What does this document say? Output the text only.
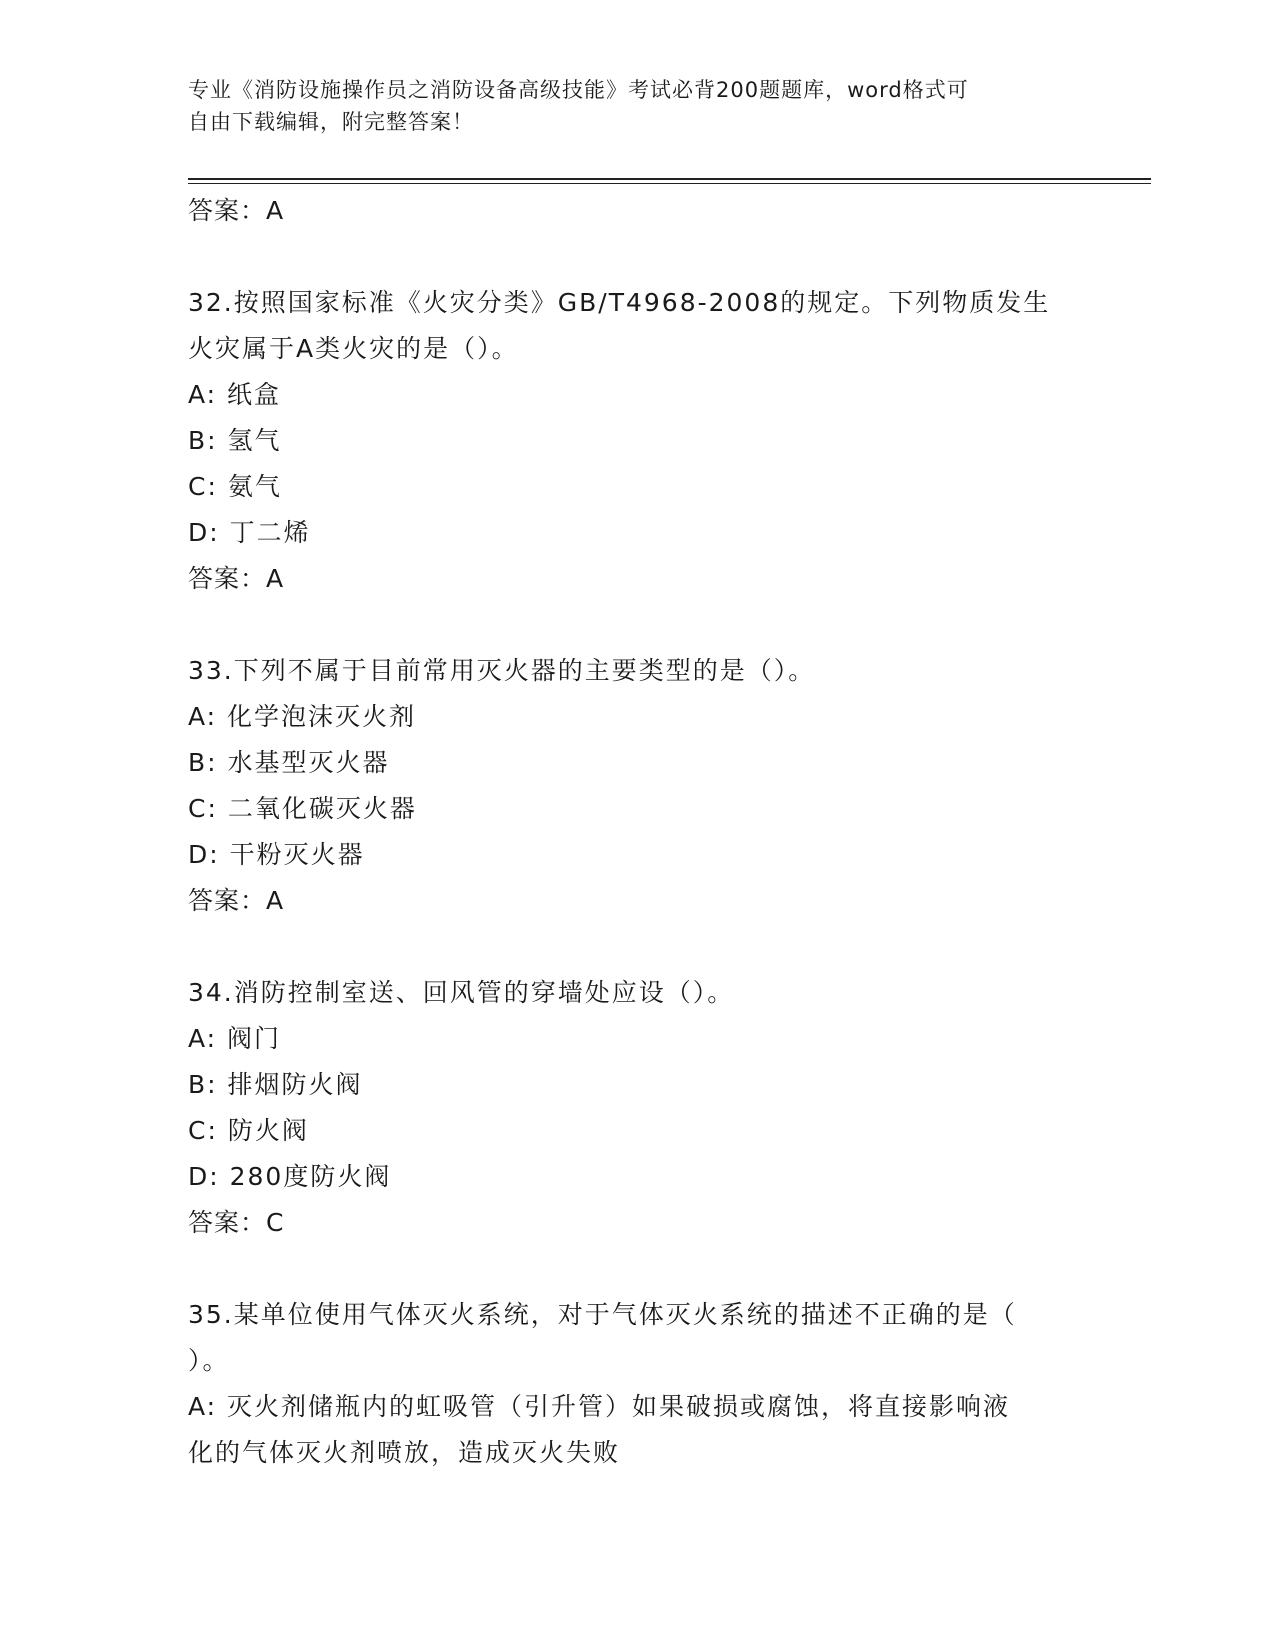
专业《消防设施操作员之消防设备高级技能》考试必背200题题库，word格式可
自由下载编辑，附完整答案！
答案：A
32.按照国家标准《火灾分类》GB/T4968-2008的规定。下列物质发生
火灾属于A类火灾的是（）。
A: 纸盒
B: 氢气
C: 氨气
D: 丁二烯
答案：A
33.下列不属于目前常用灭火器的主要类型的是（）。
A: 化学泡沫灭火剂
B: 水基型灭火器
C: 二氧化碳灭火器
D: 干粉灭火器
答案：A
34.消防控制室送、回风管的穿墙处应设（）。
A: 阀门
B: 排烟防火阀
C: 防火阀
D: 280度防火阀
答案：C
35.某单位使用气体灭火系统，对于气体灭火系统的描述不正确的是（
）。
A: 灭火剂储瓶内的虹吸管（引升管）如果破损或腐蚀，将直接影响液
化的气体灭火剂喷放，造成灭火失败
